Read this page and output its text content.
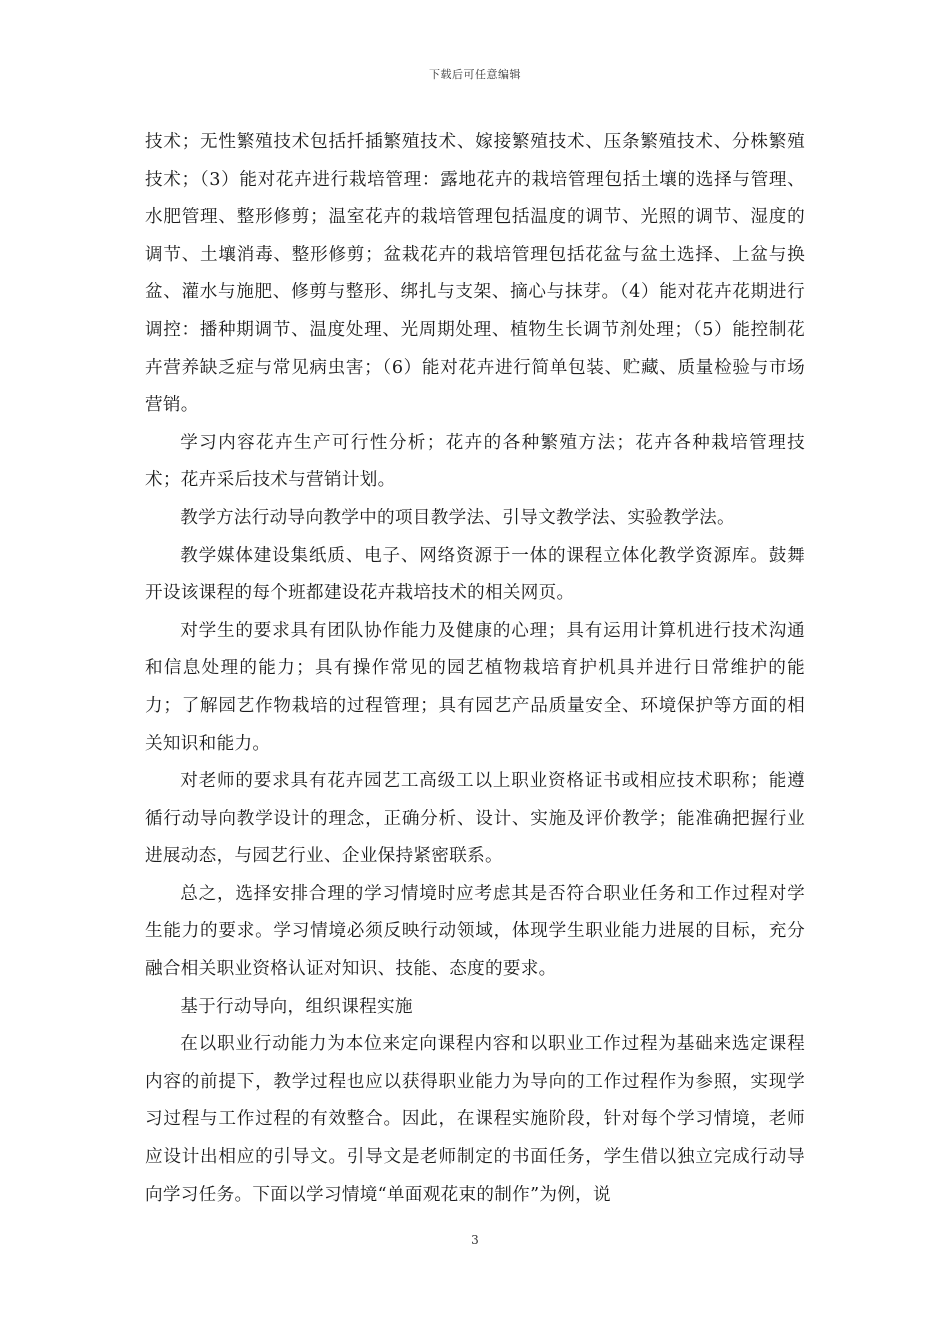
下载后可任意编辑

技术；无性繁殖技术包括扦插繁殖技术、嫁接繁殖技术、压条繁殖技术、分株繁殖技术；（3）能对花卉进行栽培管理：露地花卉的栽培管理包括土壤的选择与管理、水肥管理、整形修剪；温室花卉的栽培管理包括温度的调节、光照的调节、湿度的调节、土壤消毒、整形修剪；盆栽花卉的栽培管理包括花盆与盆土选择、上盆与换盆、灌水与施肥、修剪与整形、绑扎与支架、摘心与抹芽。（4）能对花卉花期进行调控：播种期调节、温度处理、光周期处理、植物生长调节剂处理；（5）能控制花卉营养缺乏症与常见病虫害；（6）能对花卉进行简单包装、贮藏、质量检验与市场营销。

学习内容花卉生产可行性分析；花卉的各种繁殖方法；花卉各种栽培管理技术；花卉采后技术与营销计划。

教学方法行动导向教学中的项目教学法、引导文教学法、实验教学法。

教学媒体建设集纸质、电子、网络资源于一体的课程立体化教学资源库。鼓舞开设该课程的每个班都建设花卉栽培技术的相关网页。

对学生的要求具有团队协作能力及健康的心理；具有运用计算机进行技术沟通和信息处理的能力；具有操作常见的园艺植物栽培育护机具并进行日常维护的能力；了解园艺作物栽培的过程管理；具有园艺产品质量安全、环境保护等方面的相关知识和能力。

对老师的要求具有花卉园艺工高级工以上职业资格证书或相应技术职称；能遵循行动导向教学设计的理念，正确分析、设计、实施及评价教学；能准确把握行业进展动态，与园艺行业、企业保持紧密联系。

总之，选择安排合理的学习情境时应考虑其是否符合职业任务和工作过程对学生能力的要求。学习情境必须反映行动领域，体现学生职业能力进展的目标，充分融合相关职业资格认证对知识、技能、态度的要求。

基于行动导向，组织课程实施

在以职业行动能力为本位来定向课程内容和以职业工作过程为基础来选定课程内容的前提下，教学过程也应以获得职业能力为导向的工作过程作为参照，实现学习过程与工作过程的有效整合。因此，在课程实施阶段，针对每个学习情境，老师应设计出相应的引导文。引导文是老师制定的书面任务，学生借以独立完成行动导向学习任务。下面以学习情境“单面观花束的制作”为例，说

3
